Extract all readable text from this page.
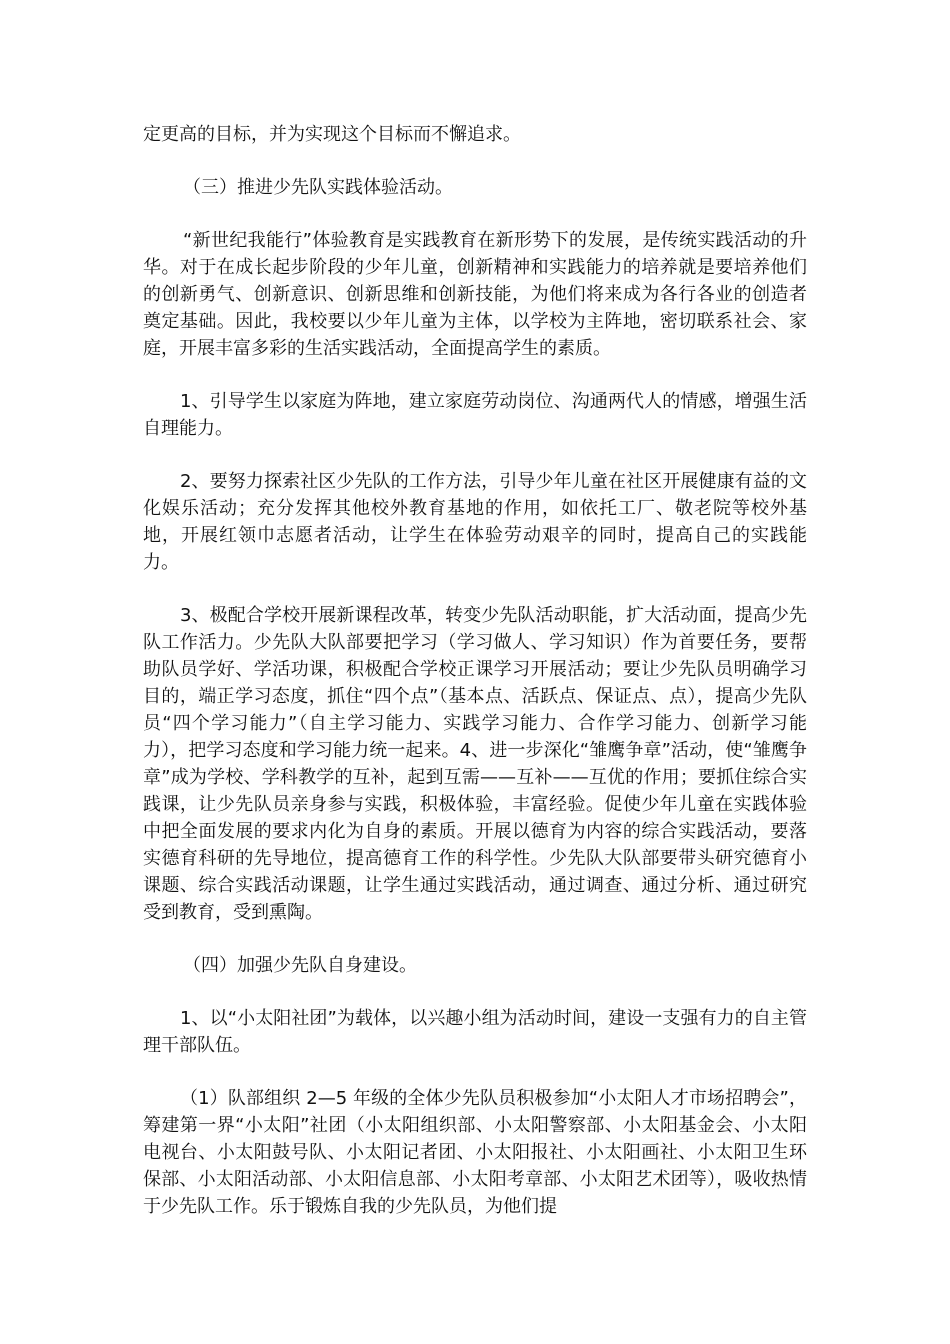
定更高的目标，并为实现这个目标而不懈追求。

（三）推进少先队实践体验活动。

“新世纪我能行”体验教育是实践教育在新形势下的发展，是传统实践活动的升华。对于在成长起步阶段的少年儿童，创新精神和实践能力的培养就是要培养他们的创新勇气、创新意识、创新思维和创新技能，为他们将来成为各行各业的创造者奠定基础。因此，我校要以少年儿童为主体，以学校为主阵地，密切联系社会、家庭，开展丰富多彩的生活实践活动，全面提高学生的素质。

1、引导学生以家庭为阵地，建立家庭劳动岗位、沟通两代人的情感，增强生活自理能力。

2、要努力探索社区少先队的工作方法，引导少年儿童在社区开展健康有益的文化娱乐活动；充分发挥其他校外教育基地的作用，如依托工厂、敬老院等校外基地，开展红领巾志愿者活动，让学生在体验劳动艰辛的同时，提高自己的实践能力。

3、极配合学校开展新课程改革，转变少先队活动职能，扩大活动面，提高少先队工作活力。少先队大队部要把学习（学习做人、学习知识）作为首要任务，要帮助队员学好、学活功课，积极配合学校正课学习开展活动；要让少先队员明确学习目的，端正学习态度，抓住“四个点”（基本点、活跃点、保证点、点），提高少先队员“四个学习能力”（自主学习能力、实践学习能力、合作学习能力、创新学习能力），把学习态度和学习能力统一起来。4、进一步深化“雏鹰争章”活动，使“雏鹰争章”成为学校、学科教学的互补，起到互需——互补——互优的作用；要抓住综合实践课，让少先队员亲身参与实践，积极体验，丰富经验。促使少年儿童在实践体验中把全面发展的要求内化为自身的素质。开展以德育为内容的综合实践活动，要落实德育科研的先导地位，提高德育工作的科学性。少先队大队部要带头研究德育小课题、综合实践活动课题，让学生通过实践活动，通过调查、通过分析、通过研究受到教育，受到熏陶。

（四）加强少先队自身建设。

1、以“小太阳社团”为载体，以兴趣小组为活动时间，建设一支强有力的自主管理干部队伍。

（1）队部组织 2—5 年级的全体少先队员积极参加“小太阳人才市场招聘会”，筹建第一界“小太阳”社团（小太阳组织部、小太阳警察部、小太阳基金会、小太阳电视台、小太阳鼓号队、小太阳记者团、小太阳报社、小太阳画社、小太阳卫生环保部、小太阳活动部、小太阳信息部、小太阳考章部、小太阳艺术团等），吸收热情于少先队工作。乐于锻炼自我的少先队员，为他们提
